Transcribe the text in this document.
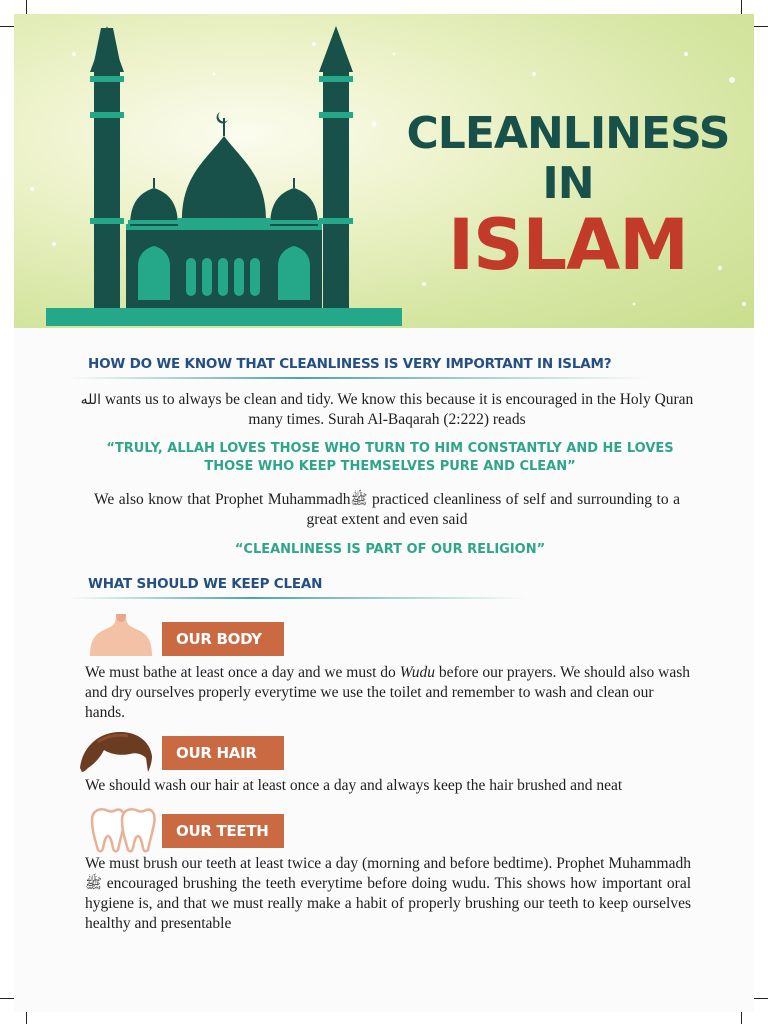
CLEANLINESS
IN
ISLAM
HOW DO WE KNOW THAT CLEANLINESS IS VERY IMPORTANT IN ISLAM?
الله wants us to always be clean and tidy. We know this because it is encouraged in the Holy Quran many times. Surah Al-Baqarah (2:222) reads
“TRULY, ALLAH LOVES THOSE WHO TURN TO HIM CONSTANTLY AND HE LOVES THOSE WHO KEEP THEMSELVES PURE AND CLEAN”
We also know that Prophet Muhammadhﷺ practiced cleanliness of self and surrounding to a great extent and even said
“CLEANLINESS IS PART OF OUR RELIGION”
WHAT SHOULD WE KEEP CLEAN
OUR BODY
We must bathe at least once a day and we must do Wudu before our prayers. We should also wash and dry ourselves properly everytime we use the toilet and remember to wash and clean our hands.
OUR HAIR
We should wash our hair at least once a day and always keep the hair brushed and neat
OUR TEETH
We must brush our teeth at least twice a day (morning and before bedtime). Prophet Muhammadh ﷺ encouraged brushing the teeth everytime before doing wudu. This shows how important oral hygiene is, and that we must really make a habit of properly brushing our teeth to keep ourselves healthy and presentable
